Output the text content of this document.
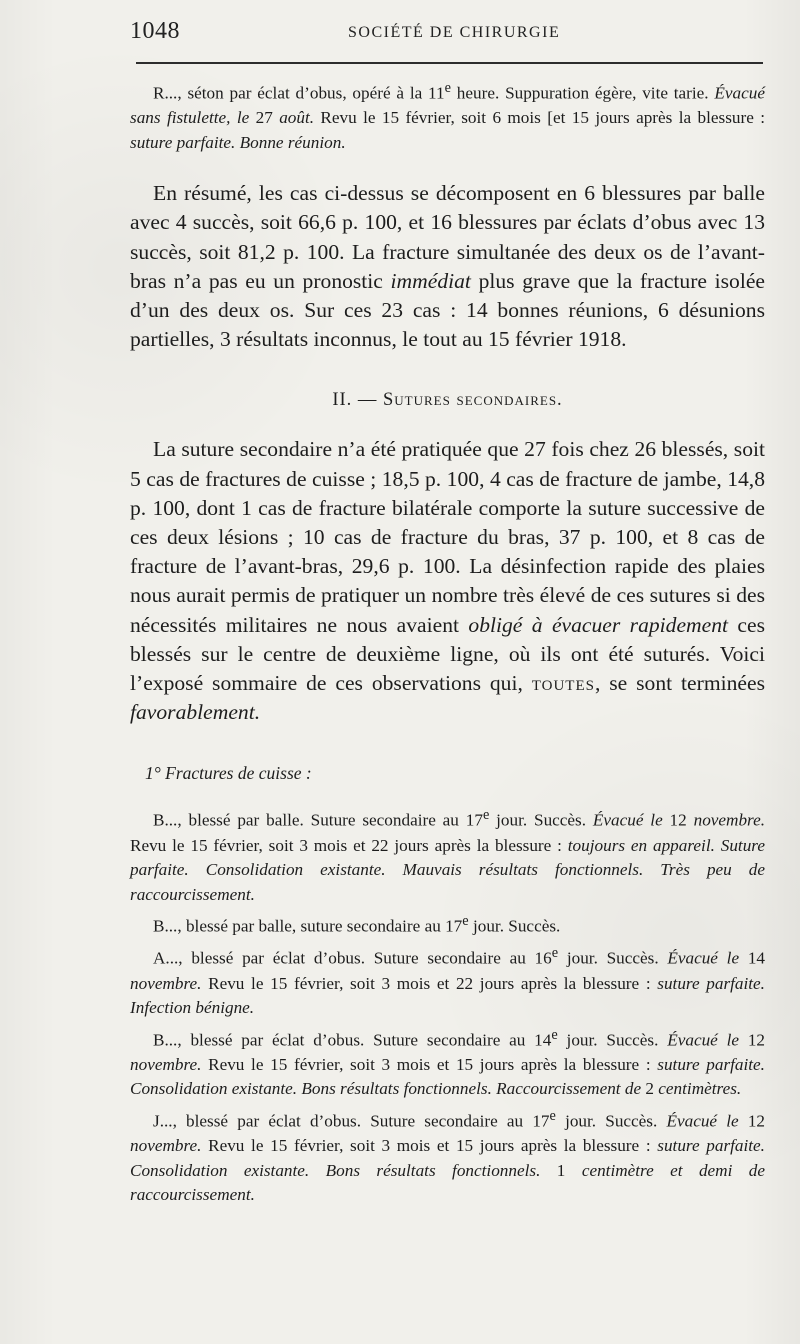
1048	SOCIÉTÉ DE CHIRURGIE

R..., séton par éclat d’obus, opéré à la 11e heure. Suppuration égère, vite tarie. Évacué sans fistulette, le 27 août. Revu le 15 février, soit 6 mois [et 15 jours après la blessure : suture parfaite. Bonne réunion.

En résumé, les cas ci-dessus se décomposent en 6 blessures par balle avec 4 succès, soit 66,6 p. 100, et 16 blessures par éclats d’obus avec 13 succès, soit 81,2 p. 100. La fracture simultanée des deux os de l’avant-bras n’a pas eu un pronostic immédiat plus grave que la fracture isolée d’un des deux os. Sur ces 23 cas : 14 bonnes réunions, 6 désunions partielles, 3 résultats inconnus, le tout au 15 février 1918.

II. — Sutures secondaires.

La suture secondaire n’a été pratiquée que 27 fois chez 26 blessés, soit 5 cas de fractures de cuisse ; 18,5 p. 100, 4 cas de fracture de jambe, 14,8 p. 100, dont 1 cas de fracture bilatérale comporte la suture successive de ces deux lésions ; 10 cas de fracture du bras, 37 p. 100, et 8 cas de fracture de l’avant-bras, 29,6 p. 100. La désinfection rapide des plaies nous aurait permis de pratiquer un nombre très élevé de ces sutures si des nécessités militaires ne nous avaient obligé à évacuer rapidement ces blessés sur le centre de deuxième ligne, où ils ont été suturés. Voici l’exposé sommaire de ces observations qui, toutes, se sont terminées favorablement.

1° Fractures de cuisse :

B..., blessé par balle. Suture secondaire au 17e jour. Succès. Évacué le 12 novembre. Revu le 15 février, soit 3 mois et 22 jours après la blessure : toujours en appareil. Suture parfaite. Consolidation existante. Mauvais résultats fonctionnels. Très peu de raccourcissement.

B..., blessé par balle, suture secondaire au 17e jour. Succès.

A..., blessé par éclat d’obus. Suture secondaire au 16e jour. Succès. Évacué le 14 novembre. Revu le 15 février, soit 3 mois et 22 jours après la blessure : suture parfaite. Infection bénigne.

B..., blessé par éclat d’obus. Suture secondaire au 14e jour. Succès. Évacué le 12 novembre. Revu le 15 février, soit 3 mois et 15 jours après la blessure : suture parfaite. Consolidation existante. Bons résultats fonctionnels. Raccourcissement de 2 centimètres.

J..., blessé par éclat d’obus. Suture secondaire au 17e jour. Succès. Évacué le 12 novembre. Revu le 15 février, soit 3 mois et 15 jours après la blessure : suture parfaite. Consolidation existante. Bons résultats fonctionnels. 1 centimètre et demi de raccourcissement.
